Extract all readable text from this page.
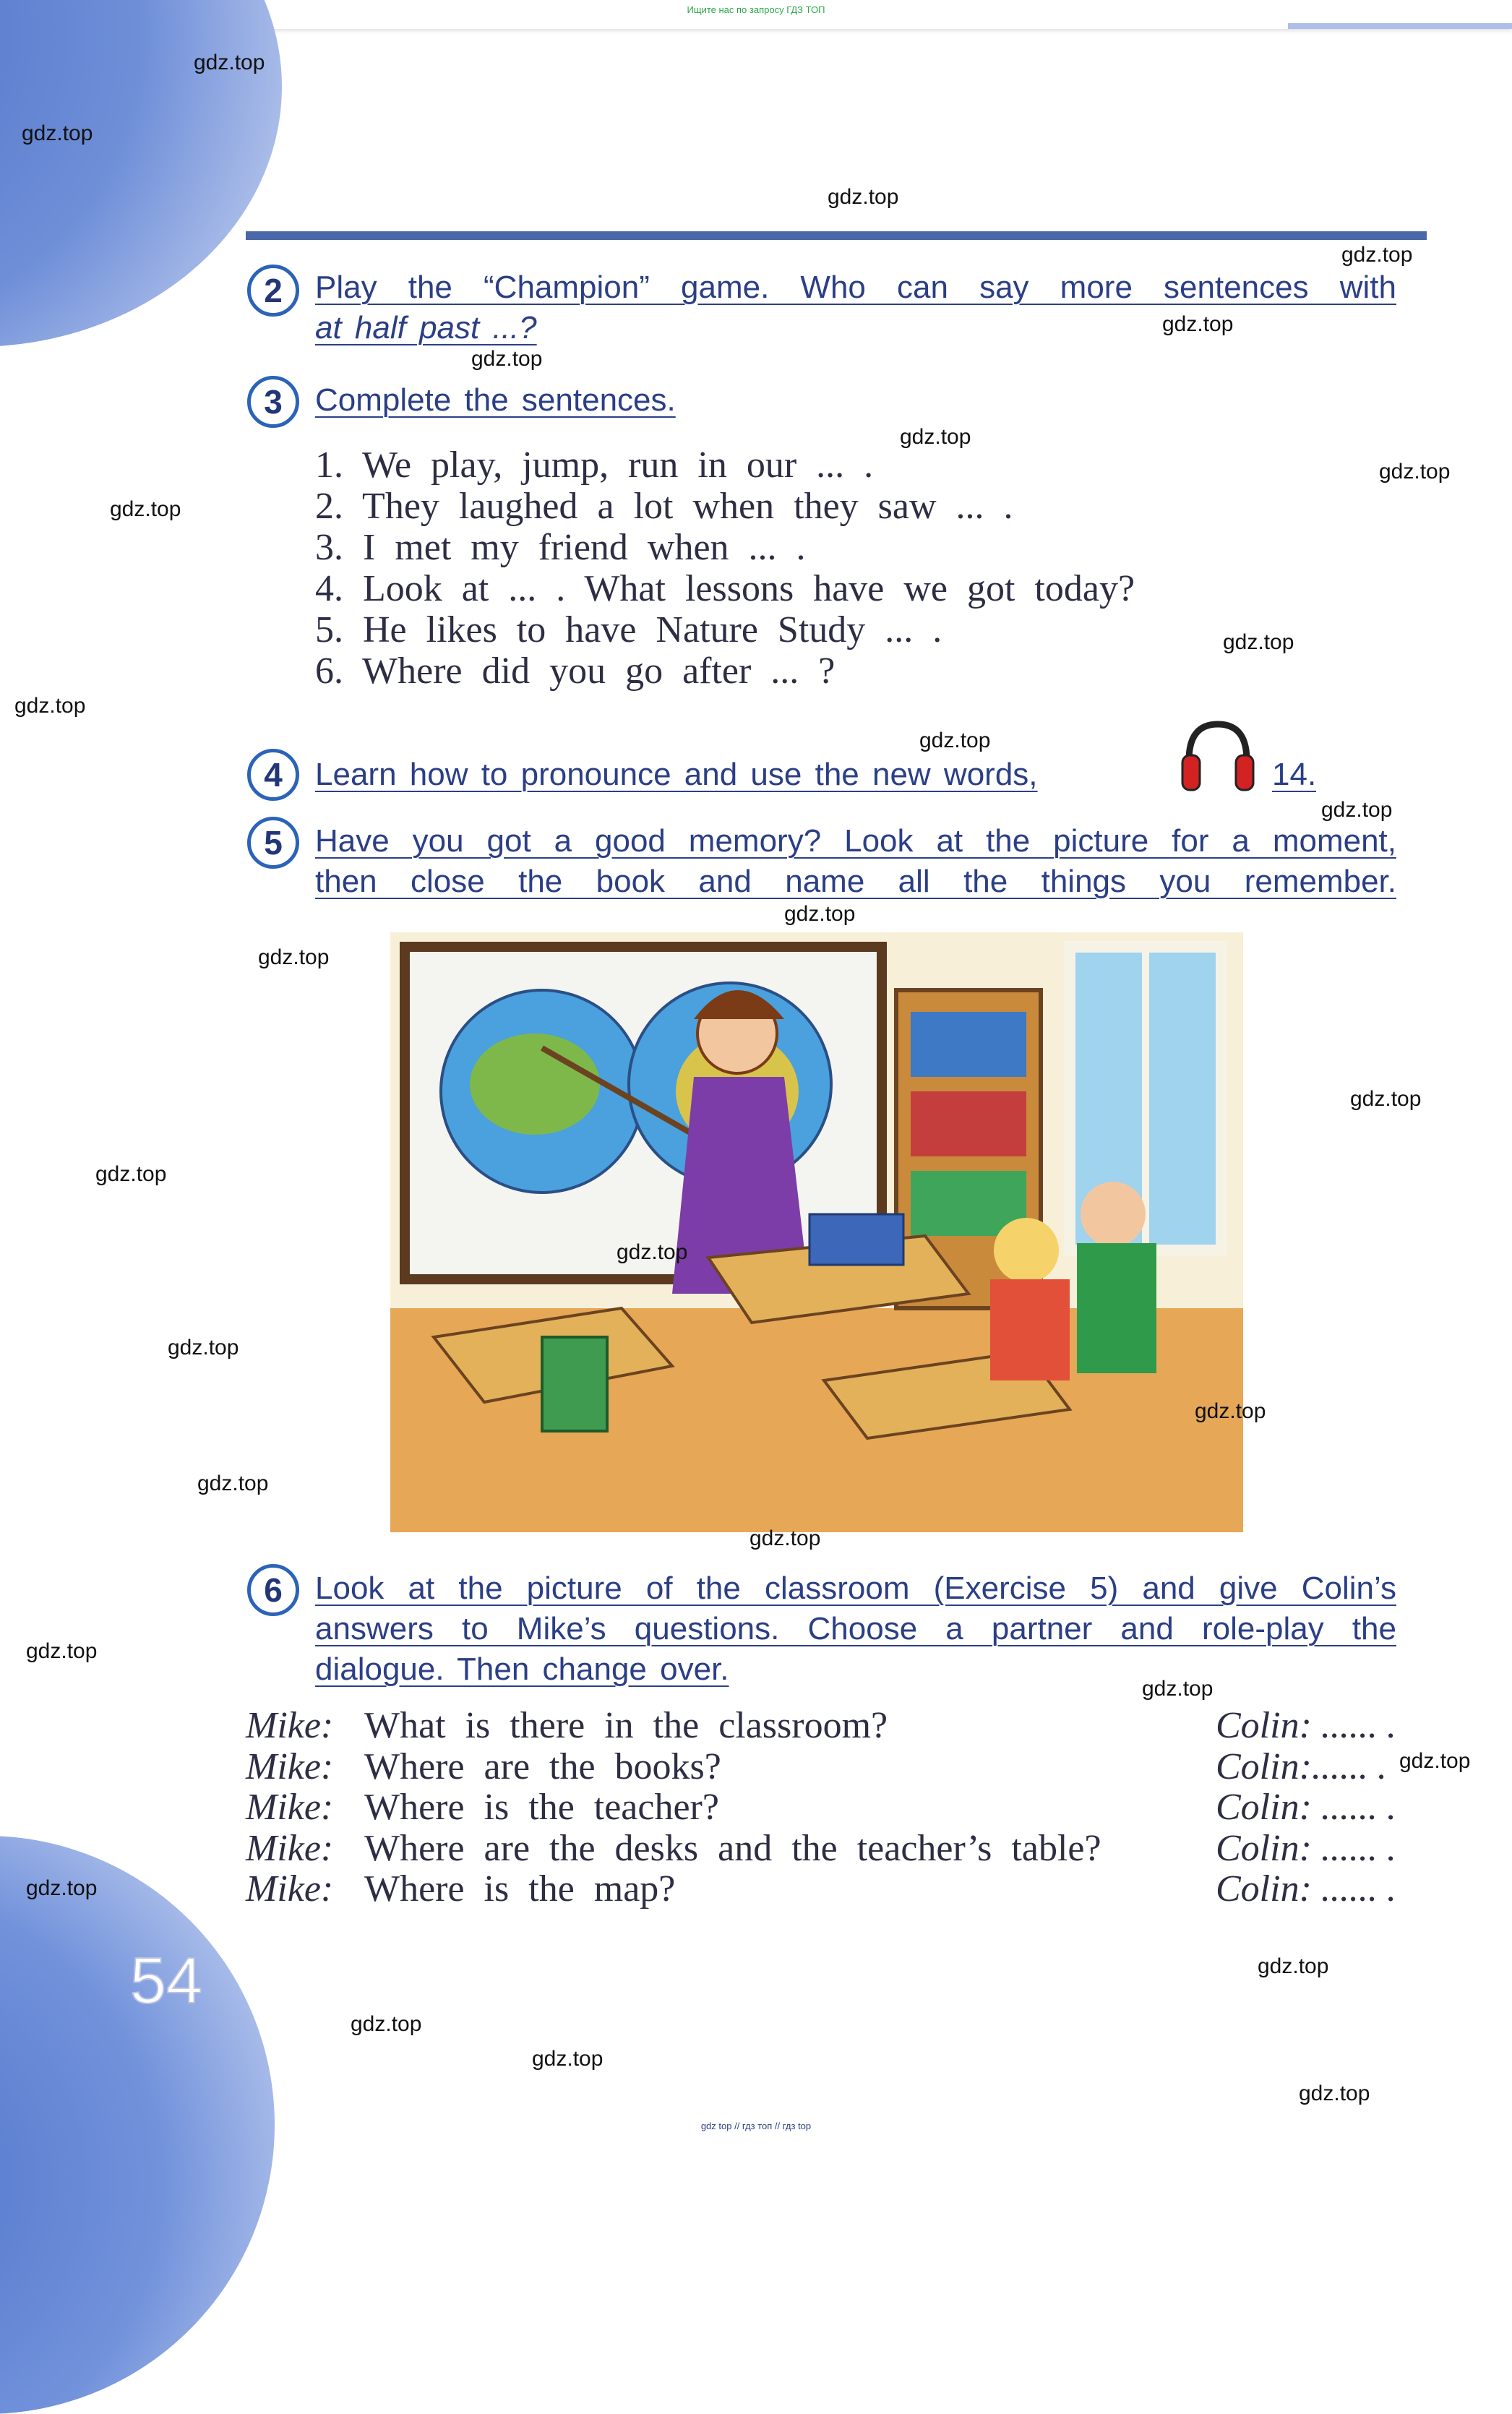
Ищите нас по запросу ГДЗ ТОП
54
2	Play the “Champion” game. Who can say more sentences with
at half past ...?
3	Complete the sentences.
1. We play, jump, run in our ... .
2. They laughed a lot when they saw ... .
3. I met my friend when ... .
4. Look at ... . What lessons have we got today?
5. He likes to have Nature Study ... .
6. Where did you go after ... ?
4	Learn how to pronounce and use the new words,	14.
5	Have you got a good memory? Look at the picture for a moment,
then close the book and name all the things you remember.
6	Look at the picture of the classroom (Exercise 5) and give Colin’s
answers to Mike’s questions. Choose a partner and role-play the
dialogue. Then change over.
Mike: What is there in the classroom?	Colin: ...... .
Mike: Where are the books?	Colin:...... .
Mike: Where is the teacher?	Colin: ...... .
Mike: Where are the desks and the teacher’s table?	Colin: ...... .
Mike: Where is the map?	Colin: ...... .
gdz.top
gdz.top
gdz.top
gdz.top
gdz.top
gdz.top
gdz.top
gdz.top
gdz.top
gdz.top
gdz.top
gdz.top
gdz.top
gdz.top
gdz.top
gdz.top
gdz.top
gdz.top
gdz.top
gdz.top
gdz.top
gdz.top
gdz.top
gdz.top
gdz.top
gdz.top
gdz.top
gdz.top
gdz.top
gdz.top
gdz top // гдз топ // гдз top
